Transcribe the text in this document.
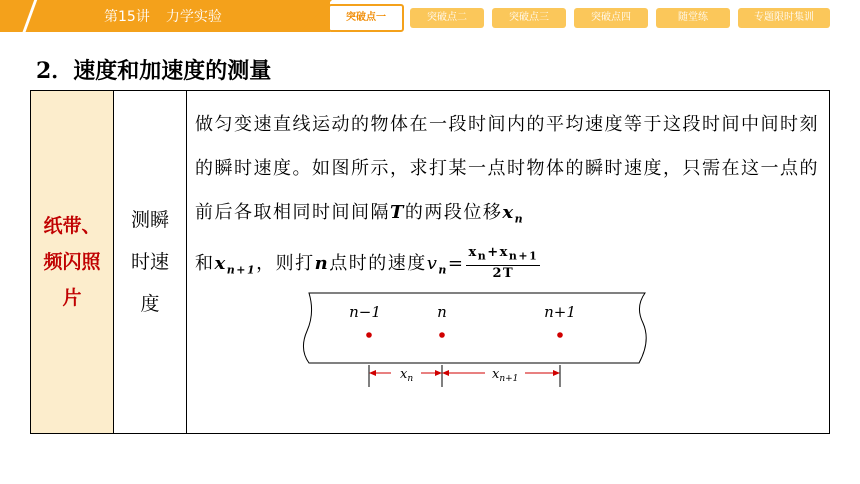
第15讲 力学实验	突破点一	突破点二	突破点三	突破点四	随堂练	专题限时集训
2．速度和加速度的测量
纸带、
频闪照
片

测瞬
时速
度

做匀变速直线运动的物体在一段时间内的平均速度等于这段时间中间时刻的瞬时速度。如图所示，求打某一点时物体的瞬时速度，只需在这一点的前后各取相同时间间隔T的两段位移$x_n$
和$x_{n+1}$，则打n点时的速度$v_n= \frac{x_n+x_{n+1}}{2T}$
n−1	n	n+1
$x_n$	$x_{n+1}$
